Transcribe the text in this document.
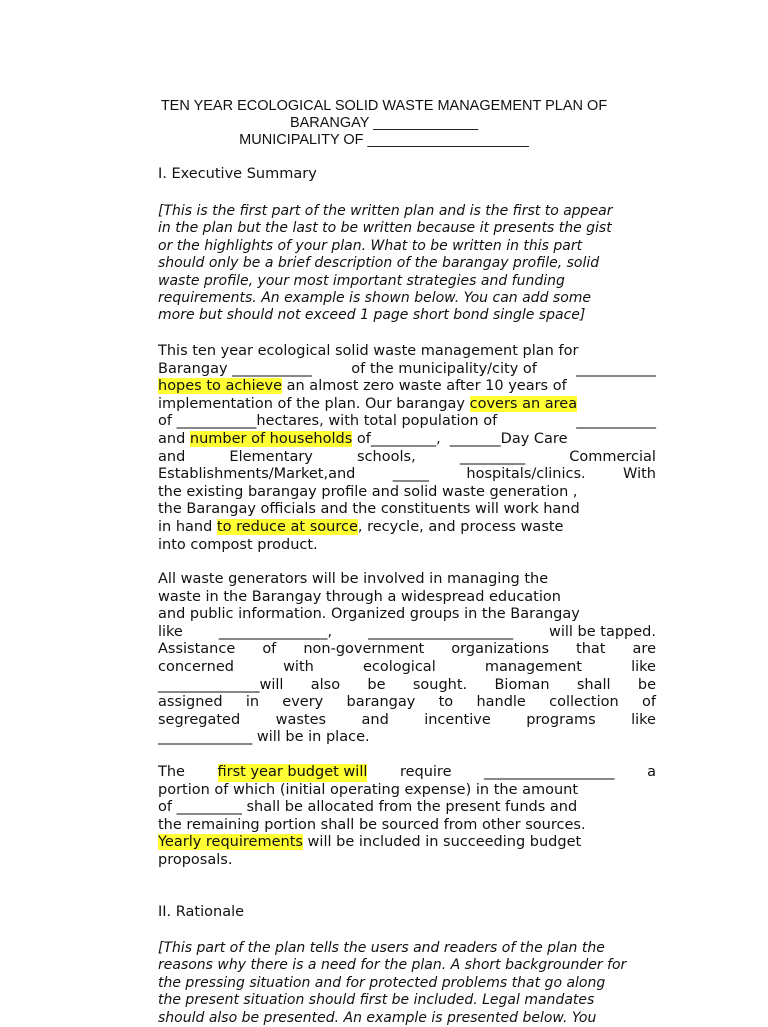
TEN YEAR ECOLOGICAL SOLID WASTE MANAGEMENT PLAN OF
BARANGAY _____________
MUNICIPALITY OF ____________________
I. Executive Summary
[This is the first part of the written plan and is the first to appear
in the plan but the last to be written because it presents the gist
or the highlights of your plan. What to be written in this part
should only be a brief description of the barangay profile, solid
waste profile, your most important strategies and funding
requirements. An example is shown below. You can add some
more but should not exceed 1 page short bond single space]
This ten year ecological solid waste management plan for
Barangay ___________	of the municipality/city of	___________
hopes to achieve an almost zero waste after 10 years of
implementation of the plan. Our barangay covers an area
of ___________hectares, with total population of	___________
and number of households of_________,  _______Day Care
and	Elementary	schools,	_________	Commercial
Establishments/Market,and	_____	hospitals/clinics.	With
the existing barangay profile and solid waste generation ,
the Barangay officials and the constituents will work hand
in hand to reduce at source, recycle, and process waste
into compost product.
All waste generators will be involved in managing the
waste in the Barangay through a widespread education
and public information. Organized groups in the Barangay
like _______________, ____________________ will be tapped.
Assistance of non-government organizations that are
concerned	with	ecological	management	like
______________will also be sought. Bioman shall be
assigned in every barangay to handle collection of
segregated wastes and incentive programs like
_____________ will be in place.
The first year budget will require __________________ a
portion of which (initial operating expense) in the amount
of _________ shall be allocated from the present funds and
the remaining portion shall be sourced from other sources.
Yearly requirements will be included in succeeding budget
proposals.
II. Rationale
[This part of the plan tells the users and readers of the plan the
reasons why there is a need for the plan. A short backgrounder for
the pressing situation and for protected problems that go along
the present situation should first be included. Legal mandates
should also be presented. An example is presented below. You
